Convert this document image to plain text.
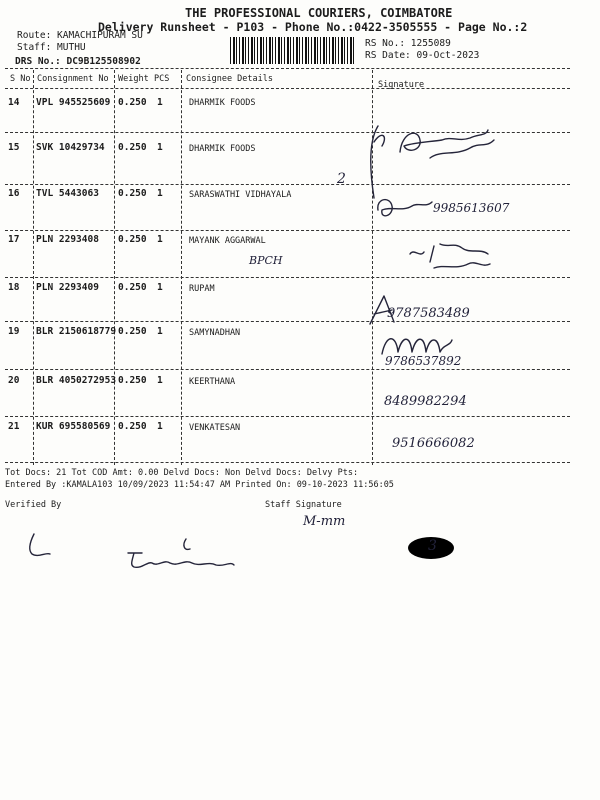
THE PROFESSIONAL COURIERS, COIMBATORE
Delivery Runsheet - P103 - Phone No.:0422-3505555 - Page No.:2
Route: KAMACHIPURAM SU
Staff: MUTHU
DRS No.: DC9B125508902
RS No.: 1255089
RS Date: 09-Oct-2023
S No Consignment No Weight PCS Consignee Details
Signature
14 VPL 945525609 0.250 1	DHARMIK FOODS
15 SVK 10429734 0.250 1	DHARMIK FOODS
2
16 TVL 5443063 0.250 1	SARASWATHI VIDHAYALA
9985613607
17 PLN 2293408 0.250 1	MAYANK AGGARWAL
BPCH
18 PLN 2293409 0.250 1	RUPAM
9787583489
19 BLR 2150618779 0.250 1	SAMYNADHAN
9786537892
20 BLR 4050272953 0.250 1	KEERTHANA
8489982294
21 KUR 695580569 0.250 1	VENKATESAN
9516666082
3
M-mm
Tot Docs: 21 Tot COD Amt: 0.00 Delvd Docs: Non Delvd Docs: Delvy Pts:
Entered By :KAMALA103 10/09/2023 11:54:47 AM Printed On: 09-10-2023 11:56:05
Verified By	Staff Signature
